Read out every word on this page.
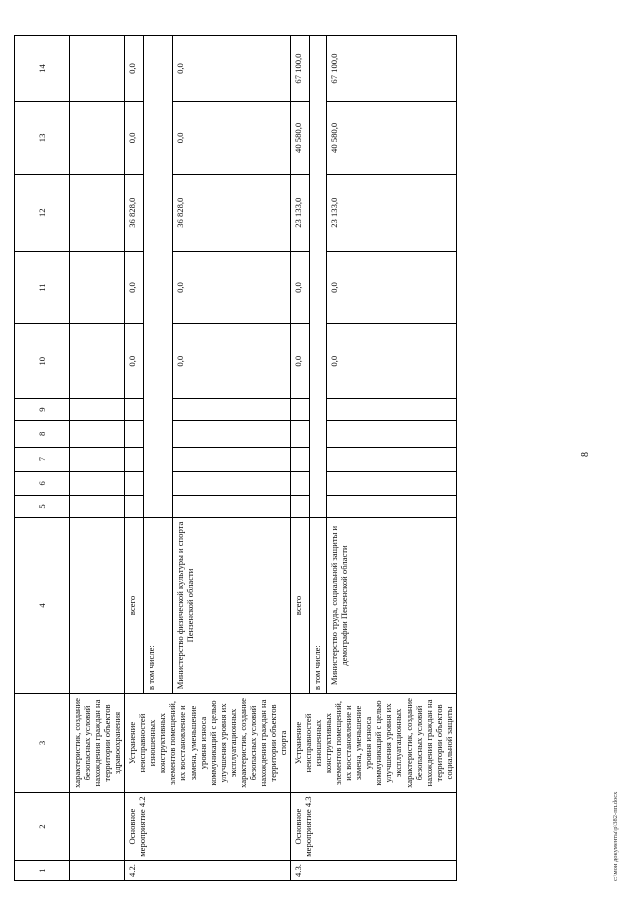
8
1	2	3	4	5	6	7	8	9	10	11	12	13	14
		характеристик, создание безопасных условий нахождения граждан на территории объектов здравоохранения											
4.2.	Основное мероприятие 4.2	Устранение неисправностей изношенных конструктивных элементов помещений, их восстановление и замена, уменьшение уровня износа коммуникаций с целью улучшения уровня их эксплуатационных характеристик, создание безопасных условий нахождения граждан на территории объектов спорта	всего						0,0	0,0	36 828,0	0,0	0,0
			в том числе:										
			Министерство физической культуры и спорта Пензенской области						0,0	0,0	36 828,0	0,0	0,0
4.3.	Основное мероприятие 4.3	Устранение неисправностей изношенных конструктивных элементов помещений, их восстановление и замена, уменьшение уровня износа коммуникаций с целью улучшения уровня их эксплуатационных характеристик, создание безопасных условий нахождения граждан на территории объектов социальной защиты	всего						0,0	0,0	23 133,0	40 580,0	67 100,0
			в том числе:										
			Министерство труда, социальной защиты и демографии Пензенской области						0,0	0,0	23 133,0	40 580,0	67 100,0
c:\мои документы\р\382-пп.docx
